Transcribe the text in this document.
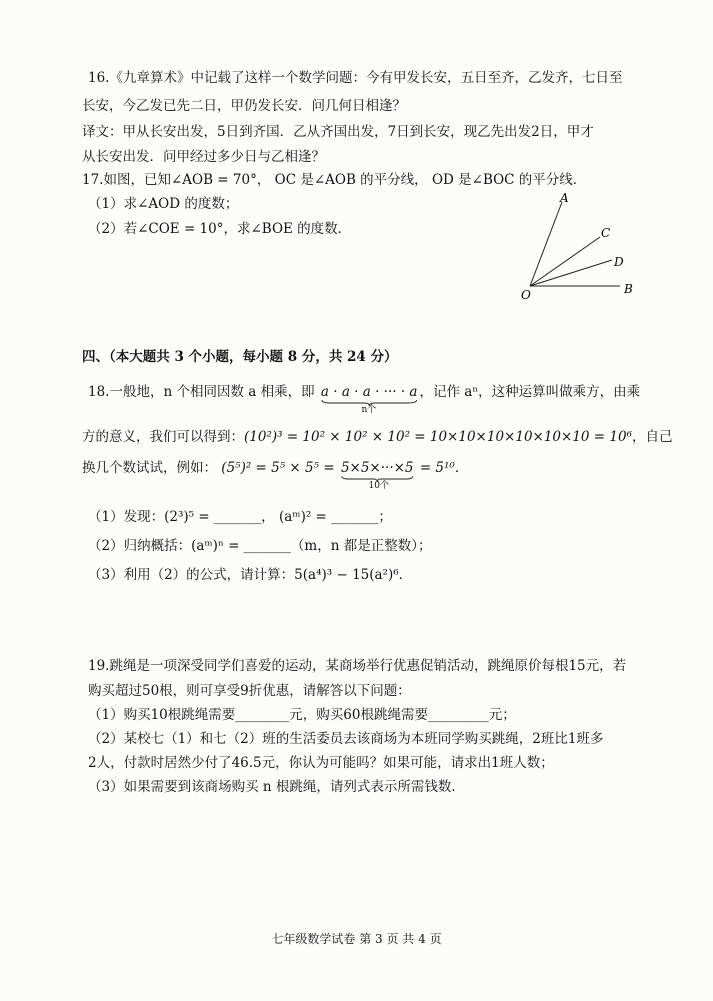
16.《九章算术》中记载了这样一个数学问题：今有甲发长安，五日至齐，乙发齐，七日至
长安，今乙发已先二日，甲仍发长安．问几何日相逢？
译文：甲从长安出发，5日到齐国．乙从齐国出发，7日到长安，现乙先出发2日，甲才
从长安出发．问甲经过多少日与乙相逢？
17.如图，已知∠AOB = 70°， OC 是∠AOB 的平分线， OD 是∠BOC 的平分线．
（1）求∠AOD 的度数；
（2）若∠COE = 10°，求∠BOE 的度数．
A
C
D
O	B
四、（本大题共 3 个小题，每小题 8 分，共 24 分）
18.一般地，n 个相同因数 a 相乘，即 a · a · a · ··· · a
n个
，记作 aⁿ，这种运算叫做乘方，由乘
方的意义，我们可以得到：(10²)³ = 10² × 10² × 10² = 10×10×10×10×10×10 = 10⁶，自己
换几个数试试，例如： (5⁵)² = 5⁵ × 5⁵ = 5×5×···×5
10个
= 5¹⁰．
（1）发现：(2³)⁵ = _______， (aᵐ)² = _______；
（2）归纳概括：(aᵐ)ⁿ = _______（m，n 都是正整数）；
（3）利用（2）的公式，请计算：5(a⁴)³ − 15(a²)⁶．
19.跳绳是一项深受同学们喜爱的运动，某商场举行优惠促销活动，跳绳原价每根15元，若
购买超过50根，则可享受9折优惠，请解答以下问题：
（1）购买10根跳绳需要________元，购买60根跳绳需要_________元；
（2）某校七（1）和七（2）班的生活委员去该商场为本班同学购买跳绳，2班比1班多
2人，付款时居然少付了46.5元，你认为可能吗？如果可能，请求出1班人数；
（3）如果需要到该商场购买 n 根跳绳，请列式表示所需钱数．
七年级数学试卷 第 3 页 共 4 页
